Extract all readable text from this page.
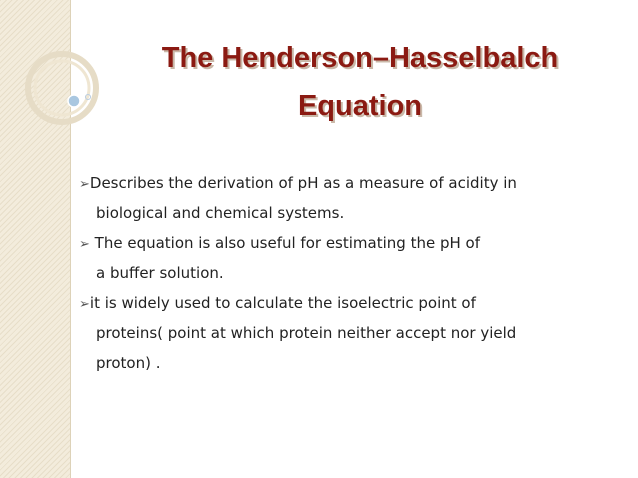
The Henderson–Hasselbalch
Equation
➢Describes the derivation of pH as a measure of acidity in
biological and chemical systems.
➢ The equation is also useful for estimating the pH of
a buffer solution.
➢it is widely used to calculate the isoelectric point of
proteins( point at which protein neither accept nor yield
proton) .
